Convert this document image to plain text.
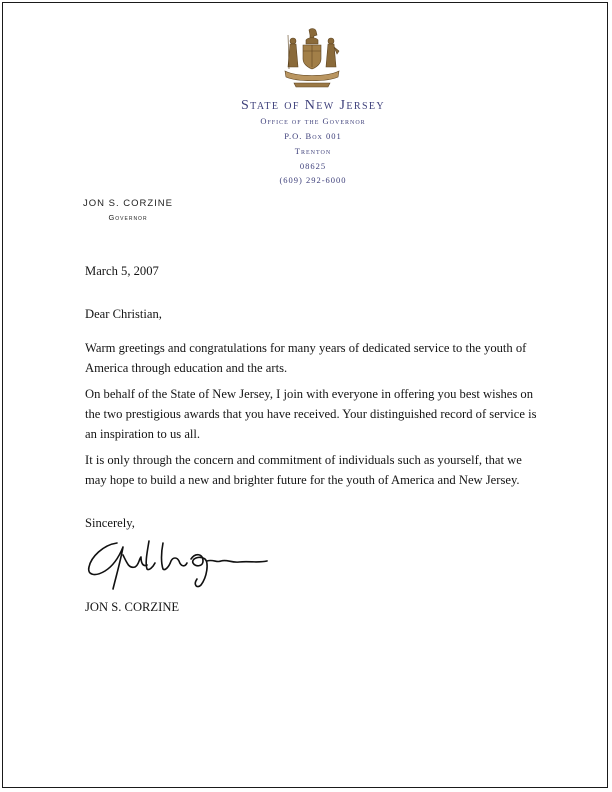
State of New Jersey
Office of the Governor
P.O. Box 001
Trenton
08625
(609) 292-6000
JON S. CORZINE
Governor
March 5, 2007
Dear Christian,
Warm greetings and congratulations for many years of dedicated service to the youth of America through education and the arts.
On behalf of the State of New Jersey, I join with everyone in offering you best wishes on the two prestigious awards that you have received. Your distinguished record of service is an inspiration to us all.
It is only through the concern and commitment of individuals such as yourself, that we may hope to build a new and brighter future for the youth of America and New Jersey.
Sincerely,
JON S. CORZINE
